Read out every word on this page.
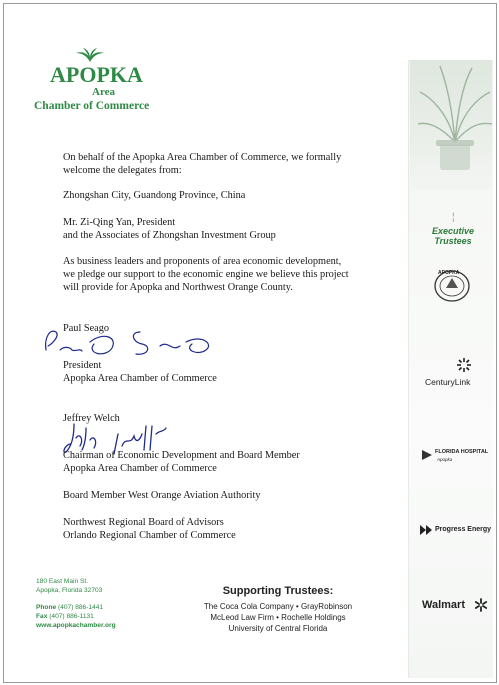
¦
Executive Trustees
APOPKA
CenturyLink
FLORIDA HOSPITAL
Apopka
Progress Energy
Walmart
APOPKA
Area
Chamber of Commerce
On behalf of the Apopka Area Chamber of Commerce, we formally
welcome the delegates from:
Zhongshan City, Guandong Province, China
Mr. Zi-Qing Yan, President
and the Associates of Zhongshan Investment Group
As business leaders and proponents of area economic development,
we pledge our support to the economic engine we believe this project
will provide for Apopka and Northwest Orange County.
Paul Seago
President
Apopka Area Chamber of Commerce
Jeffrey Welch
Chairman of Economic Development and Board Member
Apopka Area Chamber of Commerce
Board Member West Orange Aviation Authority
Northwest Regional Board of Advisors
Orlando Regional Chamber of Commerce
180 East Main St.
Apopka, Florida 32703
Phone (407) 886-1441
Fax (407) 886-1131
www.apopkachamber.org
Supporting Trustees:
The Coca Cola Company • GrayRobinson
McLeod Law Firm • Rochelle Holdings
University of Central Florida
